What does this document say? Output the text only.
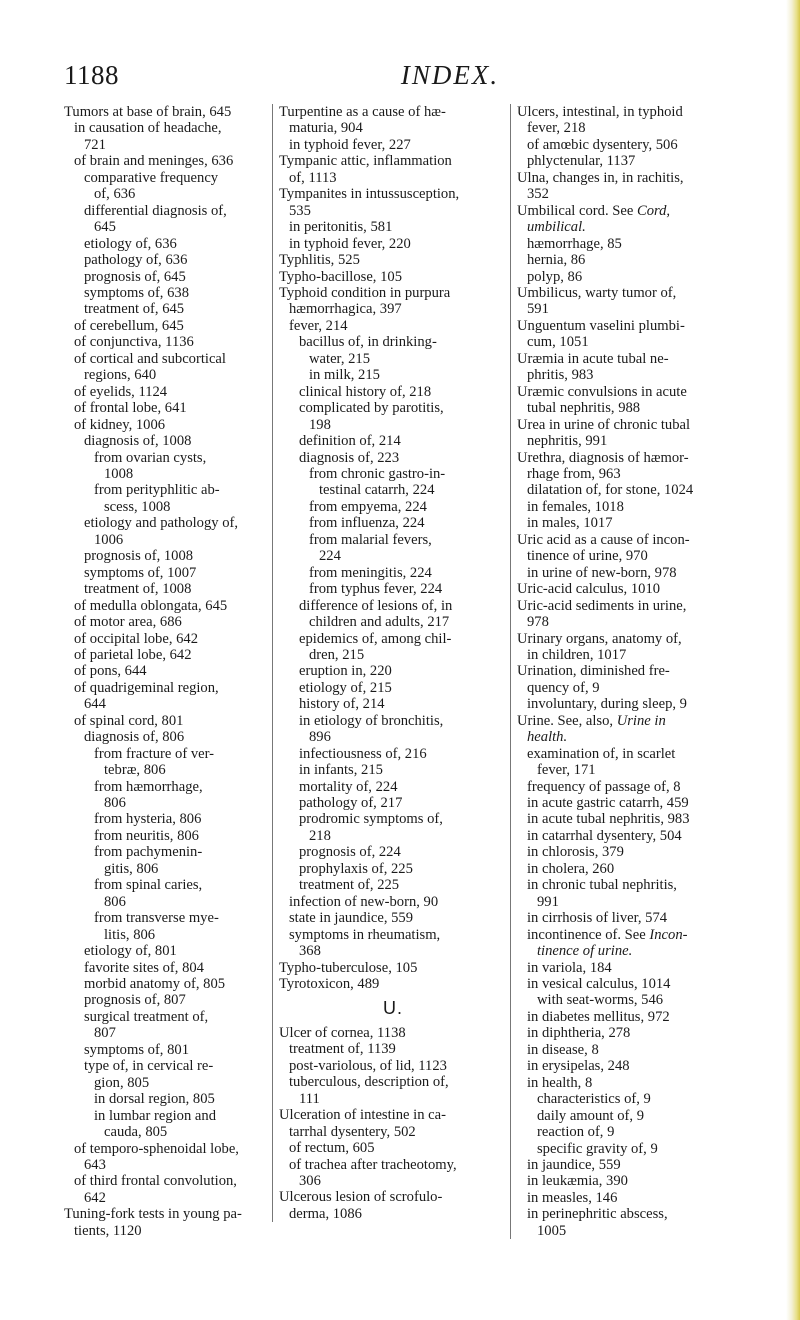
1188	INDEX.
Tumors at base of brain, 645
in causation of headache,
721
of brain and meninges, 636
comparative frequency
of, 636
differential diagnosis of,
645
etiology of, 636
pathology of, 636
prognosis of, 645
symptoms of, 638
treatment of, 645
of cerebellum, 645
of conjunctiva, 1136
of cortical and subcortical
regions, 640
of eyelids, 1124
of frontal lobe, 641
of kidney, 1006
diagnosis of, 1008
from ovarian cysts,
1008
from perityphlitic ab-
scess, 1008
etiology and pathology of,
1006
prognosis of, 1008
symptoms of, 1007
treatment of, 1008
of medulla oblongata, 645
of motor area, 686
of occipital lobe, 642
of parietal lobe, 642
of pons, 644
of quadrigeminal region,
644
of spinal cord, 801
diagnosis of, 806
from fracture of ver-
tebræ, 806
from hæmorrhage,
806
from hysteria, 806
from neuritis, 806
from pachymenin-
gitis, 806
from spinal caries,
806
from transverse mye-
litis, 806
etiology of, 801
favorite sites of, 804
morbid anatomy of, 805
prognosis of, 807
surgical treatment of,
807
symptoms of, 801
type of, in cervical re-
gion, 805
in dorsal region, 805
in lumbar region and
cauda, 805
of temporo-sphenoidal lobe,
643
of third frontal convolution,
642
Tuning-fork tests in young pa-
tients, 1120
Turpentine as a cause of hæ-
maturia, 904
in typhoid fever, 227
Tympanic attic, inflammation
of, 1113
Tympanites in intussusception,
535
in peritonitis, 581
in typhoid fever, 220
Typhlitis, 525
Typho-bacillose, 105
Typhoid condition in purpura
hæmorrhagica, 397
fever, 214
bacillus of, in drinking-
water, 215
in milk, 215
clinical history of, 218
complicated by parotitis,
198
definition of, 214
diagnosis of, 223
from chronic gastro-in-
testinal catarrh, 224
from empyema, 224
from influenza, 224
from malarial fevers,
224
from meningitis, 224
from typhus fever, 224
difference of lesions of, in
children and adults, 217
epidemics of, among chil-
dren, 215
eruption in, 220
etiology of, 215
history of, 214
in etiology of bronchitis,
896
infectiousness of, 216
in infants, 215
mortality of, 224
pathology of, 217
prodromic symptoms of,
218
prognosis of, 224
prophylaxis of, 225
treatment of, 225
infection of new-born, 90
state in jaundice, 559
symptoms in rheumatism,
368
Typho-tuberculose, 105
Tyrotoxicon, 489
U.
Ulcer of cornea, 1138
treatment of, 1139
post-variolous, of lid, 1123
tuberculous, description of,
111
Ulceration of intestine in ca-
tarrhal dysentery, 502
of rectum, 605
of trachea after tracheotomy,
306
Ulcerous lesion of scrofulo-
derma, 1086
Ulcers, intestinal, in typhoid
fever, 218
of amœbic dysentery, 506
phlyctenular, 1137
Ulna, changes in, in rachitis,
352
Umbilical cord. See Cord,
umbilical.
hæmorrhage, 85
hernia, 86
polyp, 86
Umbilicus, warty tumor of,
591
Unguentum vaselini plumbi-
cum, 1051
Uræmia in acute tubal ne-
phritis, 983
Uræmic convulsions in acute
tubal nephritis, 988
Urea in urine of chronic tubal
nephritis, 991
Urethra, diagnosis of hæmor-
rhage from, 963
dilatation of, for stone, 1024
in females, 1018
in males, 1017
Uric acid as a cause of incon-
tinence of urine, 970
in urine of new-born, 978
Uric-acid calculus, 1010
Uric-acid sediments in urine,
978
Urinary organs, anatomy of,
in children, 1017
Urination, diminished fre-
quency of, 9
involuntary, during sleep, 9
Urine. See, also, Urine in
health.
examination of, in scarlet
fever, 171
frequency of passage of, 8
in acute gastric catarrh, 459
in acute tubal nephritis, 983
in catarrhal dysentery, 504
in chlorosis, 379
in cholera, 260
in chronic tubal nephritis,
991
in cirrhosis of liver, 574
incontinence of. See Incon-
tinence of urine.
in variola, 184
in vesical calculus, 1014
with seat-worms, 546
in diabetes mellitus, 972
in diphtheria, 278
in disease, 8
in erysipelas, 248
in health, 8
characteristics of, 9
daily amount of, 9
reaction of, 9
specific gravity of, 9
in jaundice, 559
in leukæmia, 390
in measles, 146
in perinephritic abscess,
1005
